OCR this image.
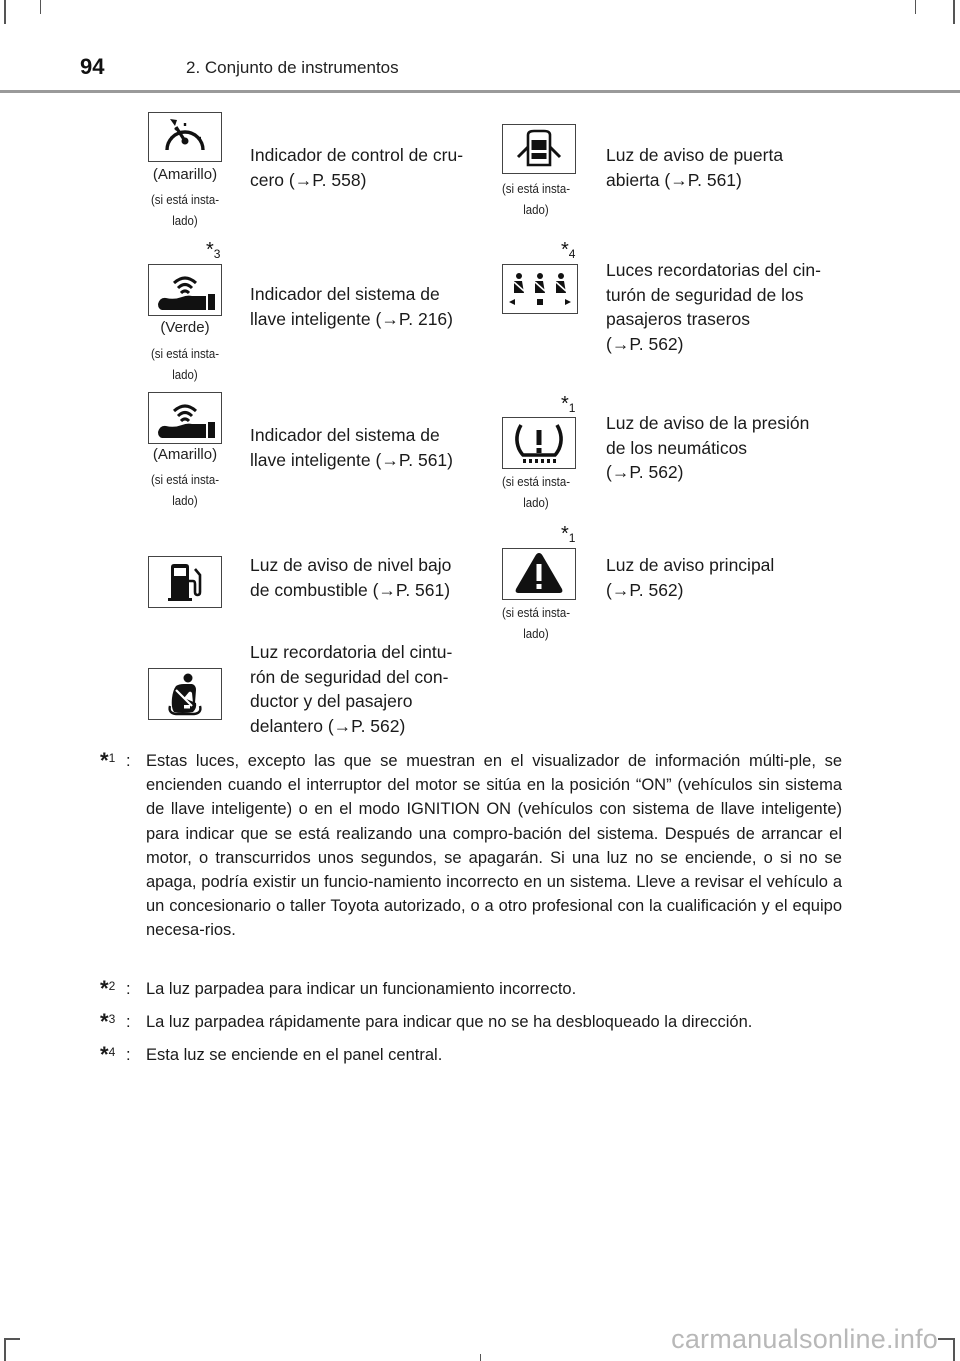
94	2. Conjunto de instrumentos
(Amarillo)
(si está insta-
lado)
Indicador de control de cru-
cero (→P. 558)	(si está insta-
lado)
Luz de aviso de puerta
abierta (→P. 561)
$*_3$
(Verde)
(si está insta-
lado)
Indicador del sistema de
llave inteligente (→P. 216)
$*_4$
Luces recordatorias del cin-
turón de seguridad de los
pasajeros traseros
(→P. 562)
(Amarillo)
(si está insta-
lado)
Indicador del sistema de
llave inteligente (→P. 561)
$*_1$
(si está insta-
lado)
Luz de aviso de la presión
de los neumáticos
(→P. 562)
Luz de aviso de nivel bajo
de combustible (→P. 561)
$*_1$
(si está insta-
lado)
Luz de aviso principal
(→P. 562)
Luz recordatoria del cintu-
rón de seguridad del con-
ductor y del pasajero
delantero (→P. 562)
*$^1$ : Estas luces, excepto las que se muestran en el visualizador de información múlti-ple, se encienden cuando el interruptor del motor se sitúa en la posición “ON” (vehículos sin sistema de llave inteligente) o en el modo IGNITION ON (vehículos con sistema de llave inteligente) para indicar que se está realizando una compro-bación del sistema. Después de arrancar el motor, o transcurridos unos segundos, se apagarán. Si una luz no se enciende, o si no se apaga, podría existir un funcio-namiento incorrecto en un sistema. Lleve a revisar el vehículo a un concesionario o taller Toyota autorizado, o a otro profesional con la cualificación y el equipo necesa-rios.
*$^2$ : La luz parpadea para indicar un funcionamiento incorrecto.
*$^3$ : La luz parpadea rápidamente para indicar que no se ha desbloqueado la dirección.
*$^4$ : Esta luz se enciende en el panel central.
carmanualsonline.info
